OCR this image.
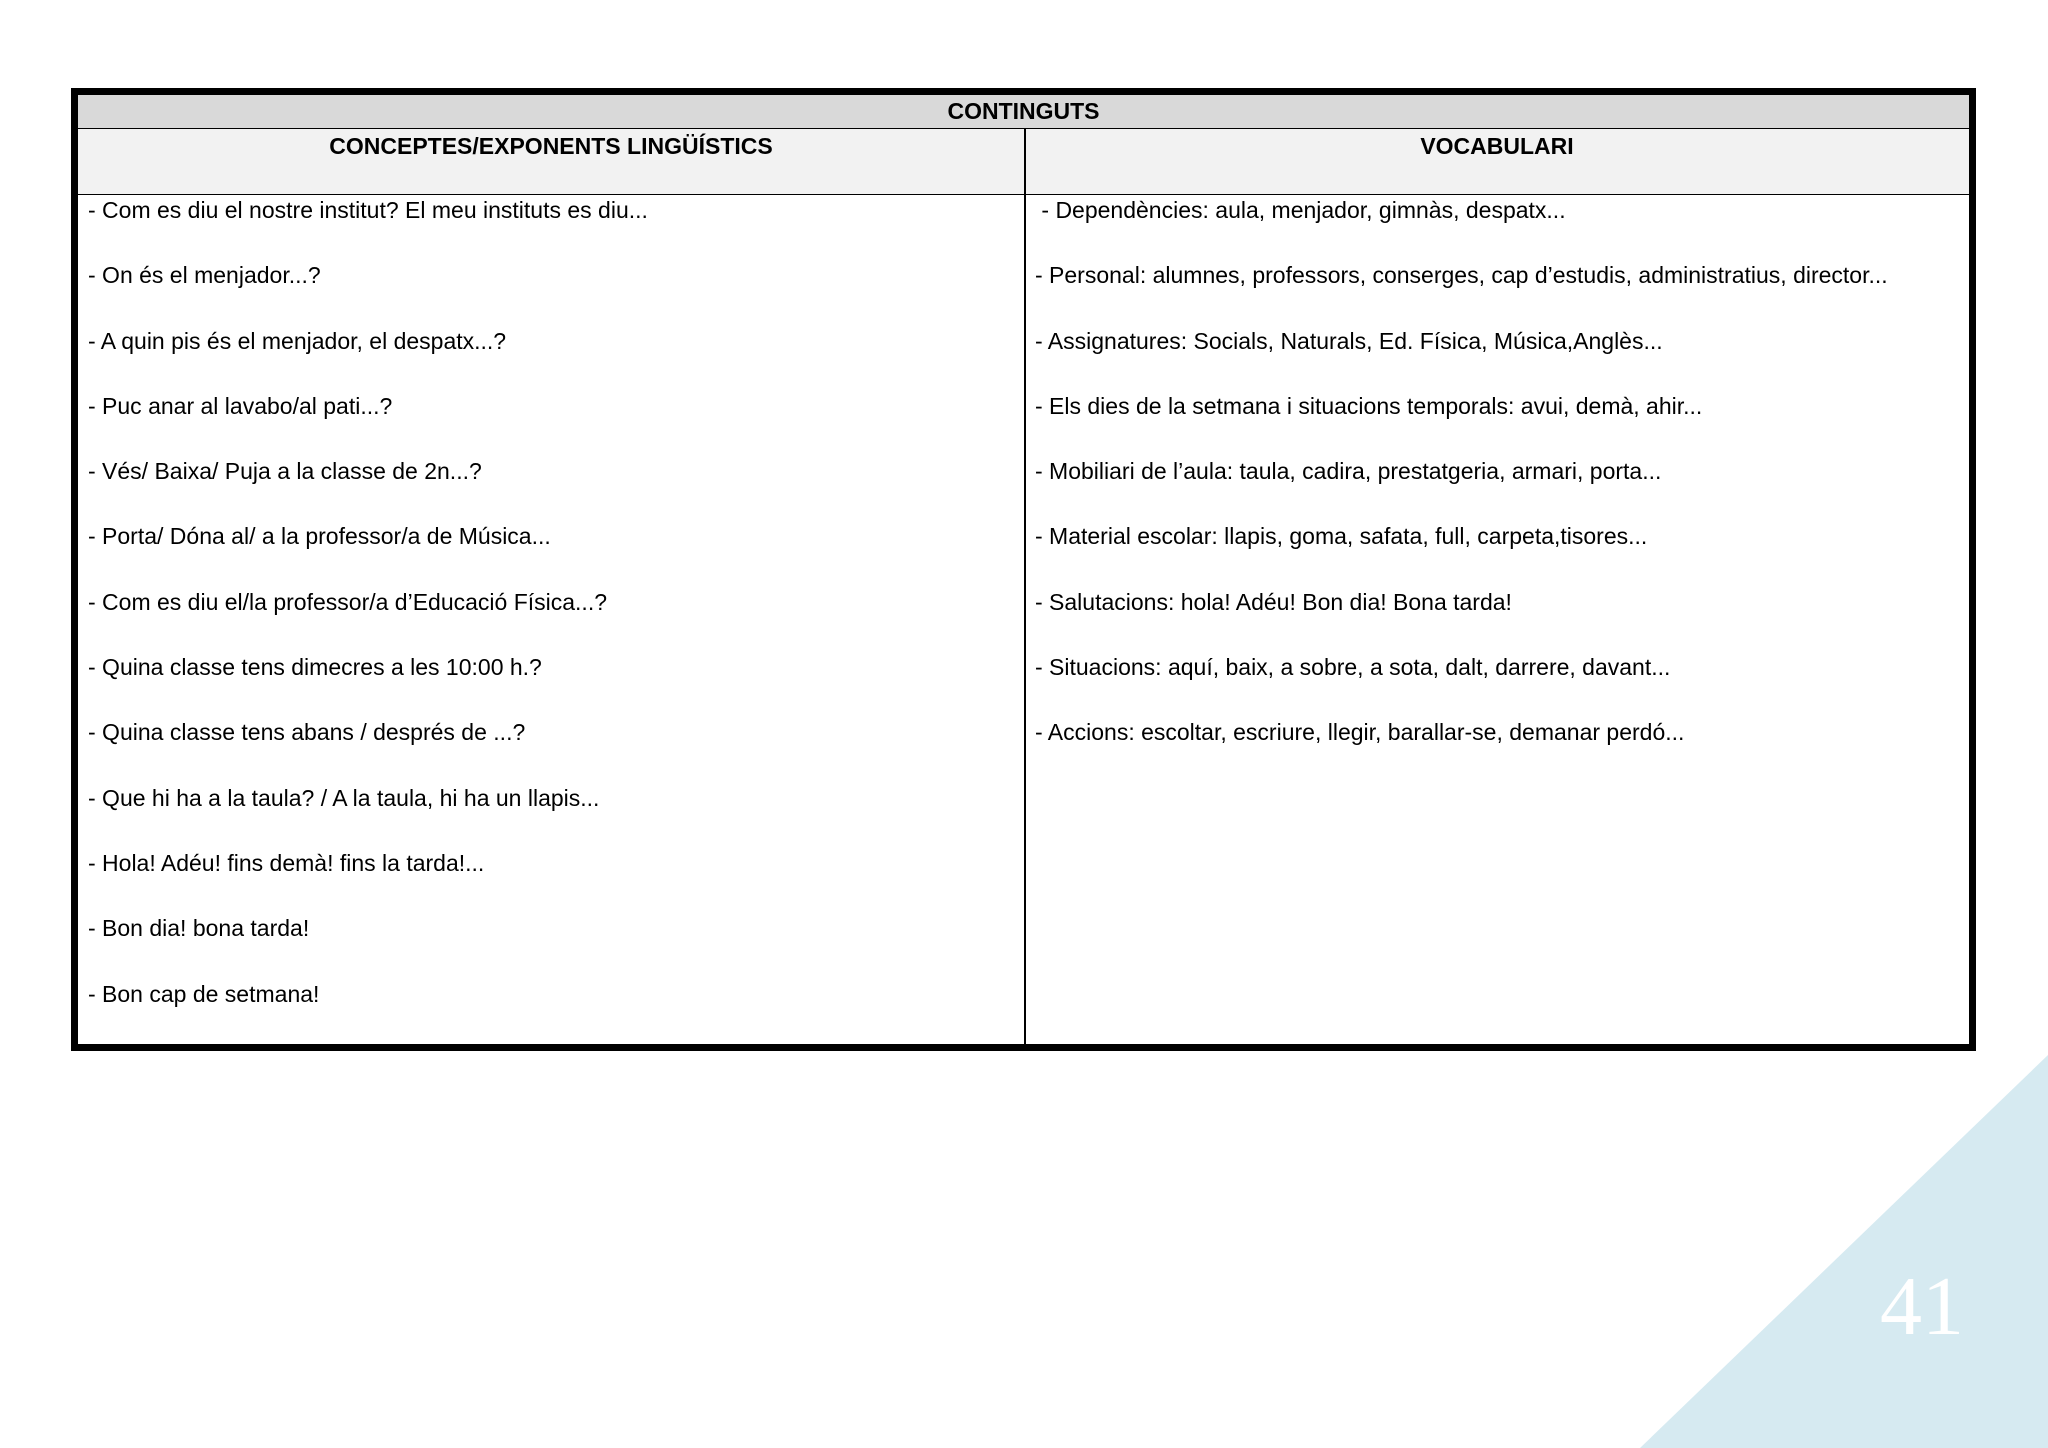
41
CONTINGUTS
CONCEPTES/EXPONENTS LINGÜÍSTICS	VOCABULARI
- Com es diu el nostre institut? El meu instituts es diu...
- On és el menjador...?
- A quin pis és el menjador, el despatx...?
- Puc anar al lavabo/al pati...?
- Vés/ Baixa/ Puja a la classe de 2n...?
- Porta/ Dóna al/ a la professor/a de Música...
- Com es diu el/la professor/a d’Educació Física...?
- Quina classe tens dimecres a les 10:00 h.?
- Quina classe tens abans / després de ...?
- Que hi ha a la taula? / A la taula, hi ha un llapis...
- Hola! Adéu! fins demà! fins la tarda!...
- Bon dia! bona tarda!
- Bon cap de setmana!
- Dependències: aula, menjador, gimnàs, despatx...
- Personal: alumnes, professors, conserges, cap d’estudis, administratius, director...
- Assignatures: Socials, Naturals, Ed. Física, Música,Anglès...
- Els dies de la setmana i situacions temporals: avui, demà, ahir...
- Mobiliari de l’aula: taula, cadira, prestatgeria, armari, porta...
- Material escolar: llapis, goma, safata, full, carpeta,tisores...
- Salutacions: hola! Adéu! Bon dia! Bona tarda!
- Situacions: aquí, baix, a sobre, a sota, dalt, darrere, davant...
- Accions: escoltar, escriure, llegir, barallar-se, demanar perdó...
